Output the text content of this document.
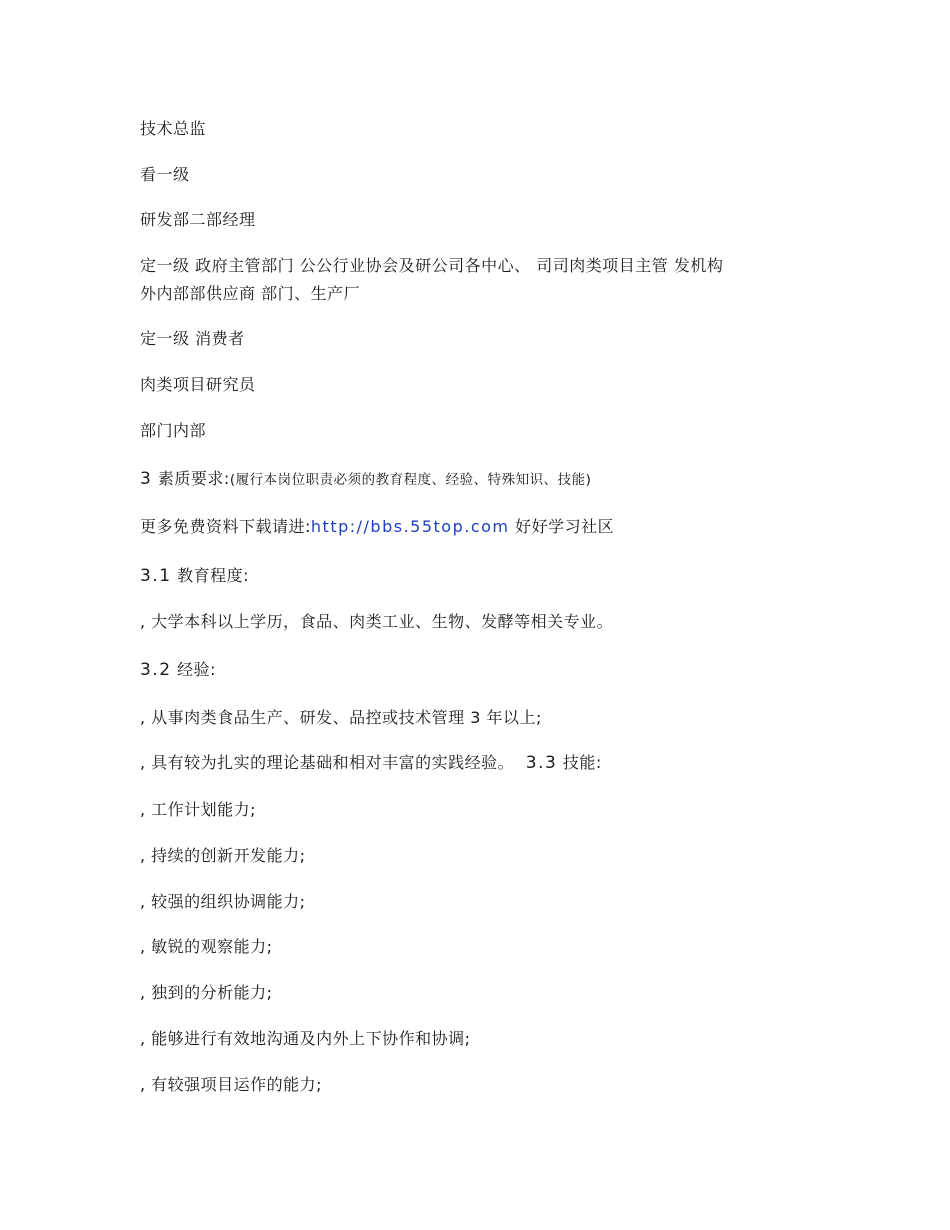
技术总监
看一级
研发部二部经理
定一级 政府主管部门 公公行业协会及研公司各中心、 司司肉类项目主管 发机构
外内部部供应商 部门、生产厂
定一级 消费者
肉类项目研究员
部门内部
3 素质要求:(履行本岗位职责必须的教育程度、经验、特殊知识、技能)
更多免费资料下载请进:http://bbs.55top.com 好好学习社区
3.1 教育程度:
, 大学本科以上学历，食品、肉类工业、生物、发酵等相关专业。
3.2 经验:
, 从事肉类食品生产、研发、品控或技术管理 3 年以上;
, 具有较为扎实的理论基础和相对丰富的实践经验。 3.3 技能:
, 工作计划能力;
, 持续的创新开发能力;
, 较强的组织协调能力;
, 敏锐的观察能力;
, 独到的分析能力;
, 能够进行有效地沟通及内外上下协作和协调;
, 有较强项目运作的能力;
